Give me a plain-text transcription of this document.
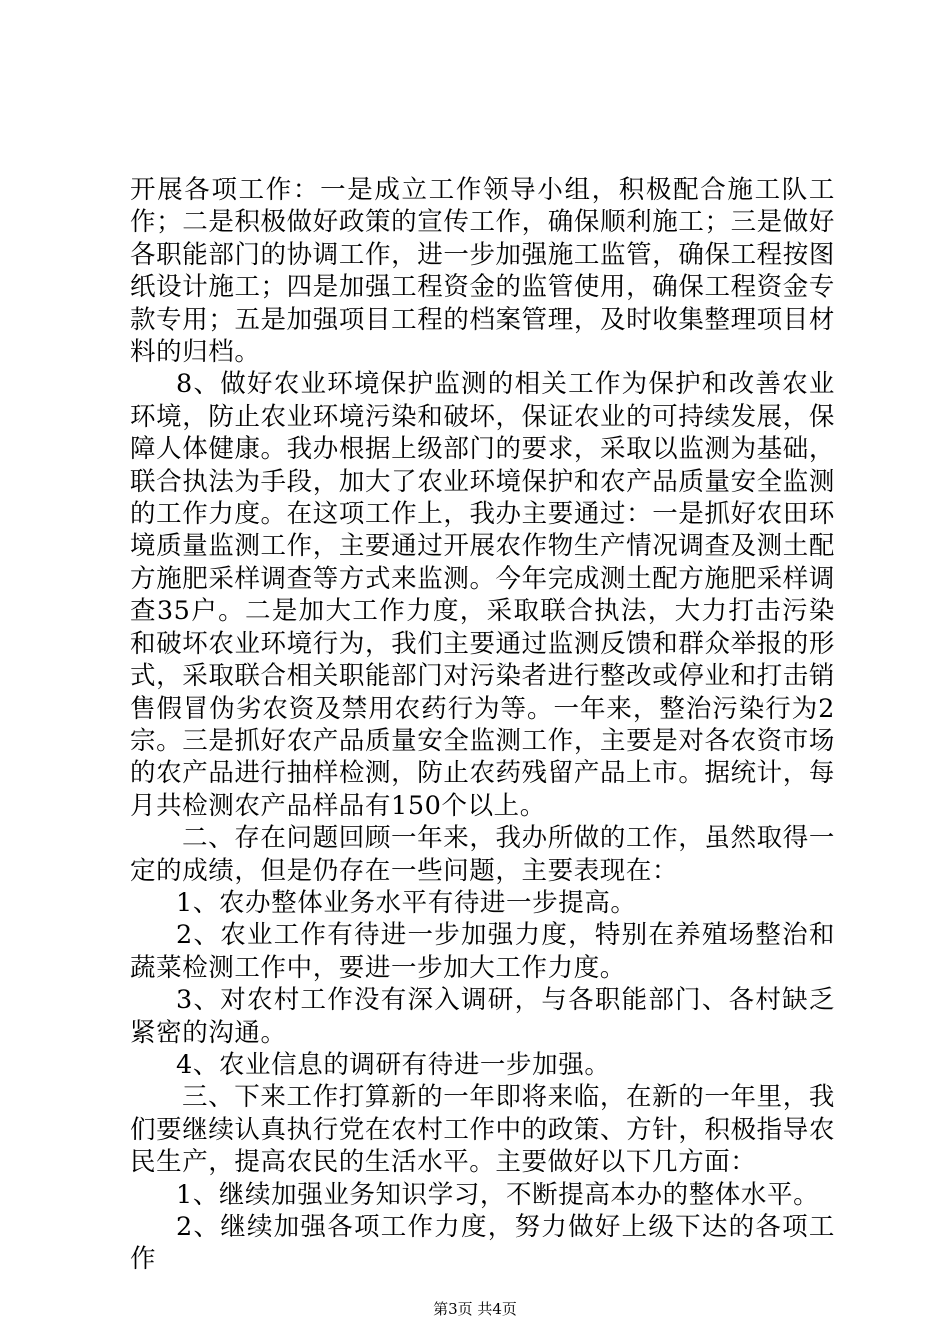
开展各项工作：一是成立工作领导小组，积极配合施工队工作；二是积极做好政策的宣传工作，确保顺利施工；三是做好各职能部门的协调工作，进一步加强施工监管，确保工程按图纸设计施工；四是加强工程资金的监管使用，确保工程资金专款专用；五是加强项目工程的档案管理，及时收集整理项目材料的归档。

8、做好农业环境保护监测的相关工作为保护和改善农业环境，防止农业环境污染和破坏，保证农业的可持续发展，保障人体健康。我办根据上级部门的要求，采取以监测为基础，联合执法为手段，加大了农业环境保护和农产品质量安全监测的工作力度。在这项工作上，我办主要通过：一是抓好农田环境质量监测工作，主要通过开展农作物生产情况调查及测土配方施肥采样调查等方式来监测。今年完成测土配方施肥采样调查35户。二是加大工作力度，采取联合执法，大力打击污染和破坏农业环境行为，我们主要通过监测反馈和群众举报的形式，采取联合相关职能部门对污染者进行整改或停业和打击销售假冒伪劣农资及禁用农药行为等。一年来，整治污染行为2宗。三是抓好农产品质量安全监测工作，主要是对各农资市场的农产品进行抽样检测，防止农药残留产品上市。据统计，每月共检测农产品样品有150个以上。

二、存在问题回顾一年来，我办所做的工作，虽然取得一定的成绩，但是仍存在一些问题，主要表现在：

1、农办整体业务水平有待进一步提高。

2、农业工作有待进一步加强力度，特别在养殖场整治和蔬菜检测工作中，要进一步加大工作力度。

3、对农村工作没有深入调研，与各职能部门、各村缺乏紧密的沟通。

4、农业信息的调研有待进一步加强。

三、下来工作打算新的一年即将来临，在新的一年里，我们要继续认真执行党在农村工作中的政策、方针，积极指导农民生产，提高农民的生活水平。主要做好以下几方面：

1、继续加强业务知识学习，不断提高本办的整体水平。

2、继续加强各项工作力度，努力做好上级下达的各项工作

第3页 共4页
